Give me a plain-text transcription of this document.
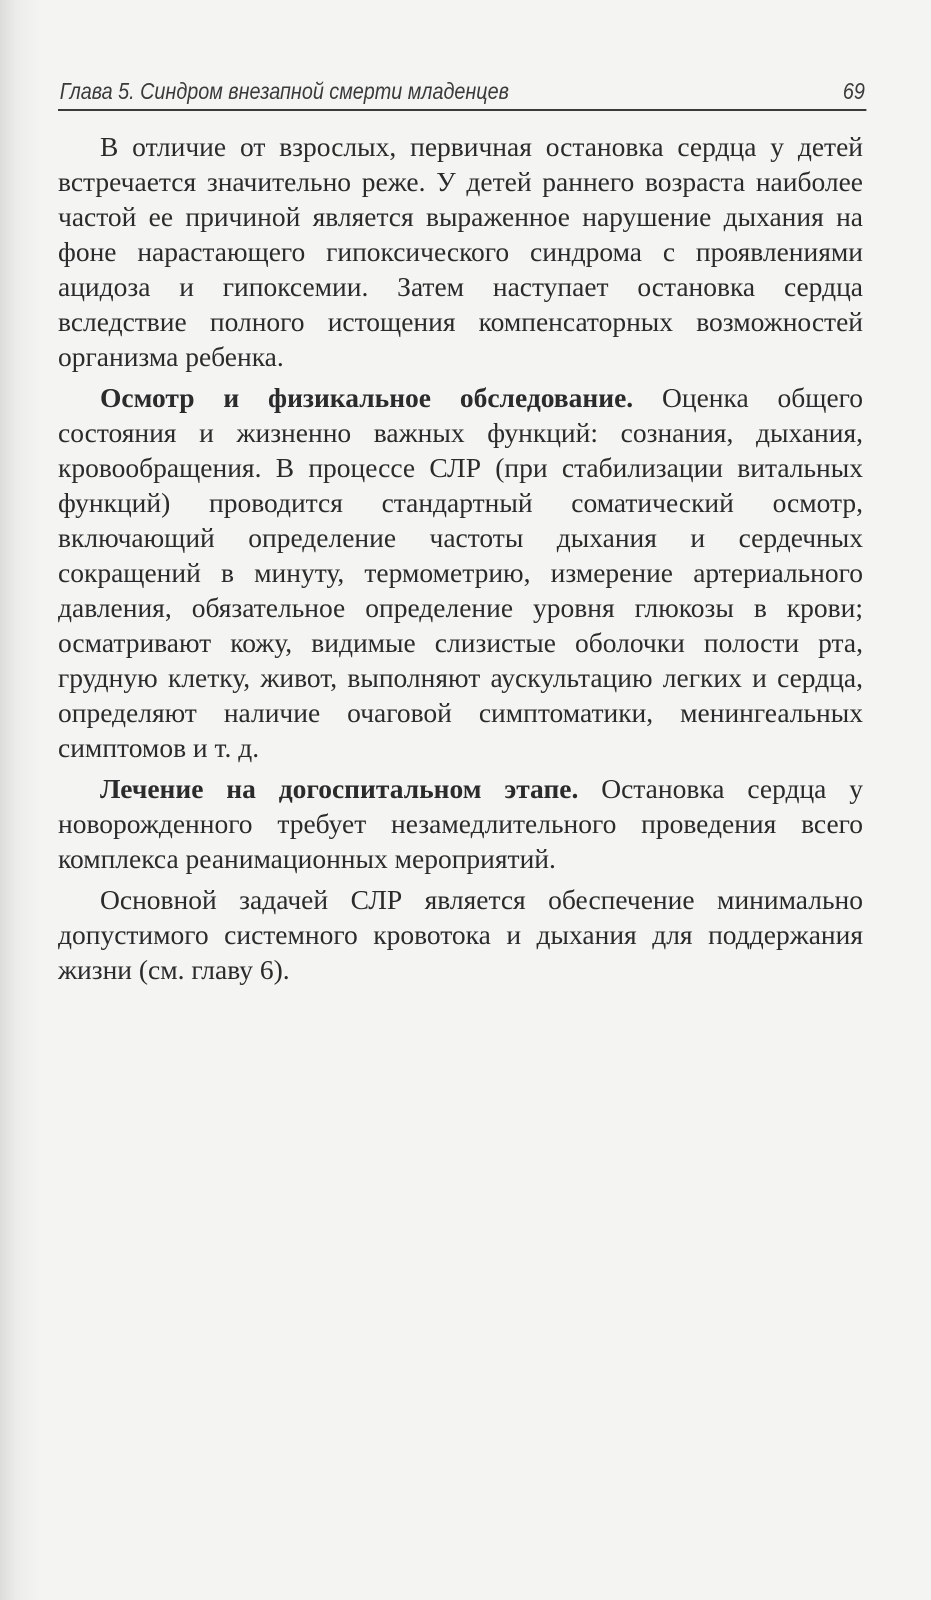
Глава 5. Синдром внезапной смерти младенцев	69

В отличие от взрослых, первичная остановка сердца у детей встречается значительно реже. У детей раннего возраста наиболее частой ее причиной является выраженное нарушение дыхания на фоне нарастающего гипоксического синдрома с проявлениями ацидоза и гипоксемии. Затем наступает остановка сердца вследствие полного истощения компенсаторных возможностей организма ребенка.

Осмотр и физикальное обследование. Оценка общего состояния и жизненно важных функций: сознания, дыхания, кровообращения. В процессе СЛР (при стабилизации витальных функций) проводится стандартный соматический осмотр, включающий определение частоты дыхания и сердечных сокращений в минуту, термометрию, измерение артериального давления, обязательное определение уровня глюкозы в крови; осматривают кожу, видимые слизистые оболочки полости рта, грудную клетку, живот, выполняют аускультацию легких и сердца, определяют наличие очаговой симптоматики, менингеальных симптомов и т. д.

Лечение на догоспитальном этапе. Остановка сердца у новорожденного требует незамедлительного проведения всего комплекса реанимационных мероприятий.

Основной задачей СЛР является обеспечение минимально допустимого системного кровотока и дыхания для поддержания жизни (см. главу 6).
